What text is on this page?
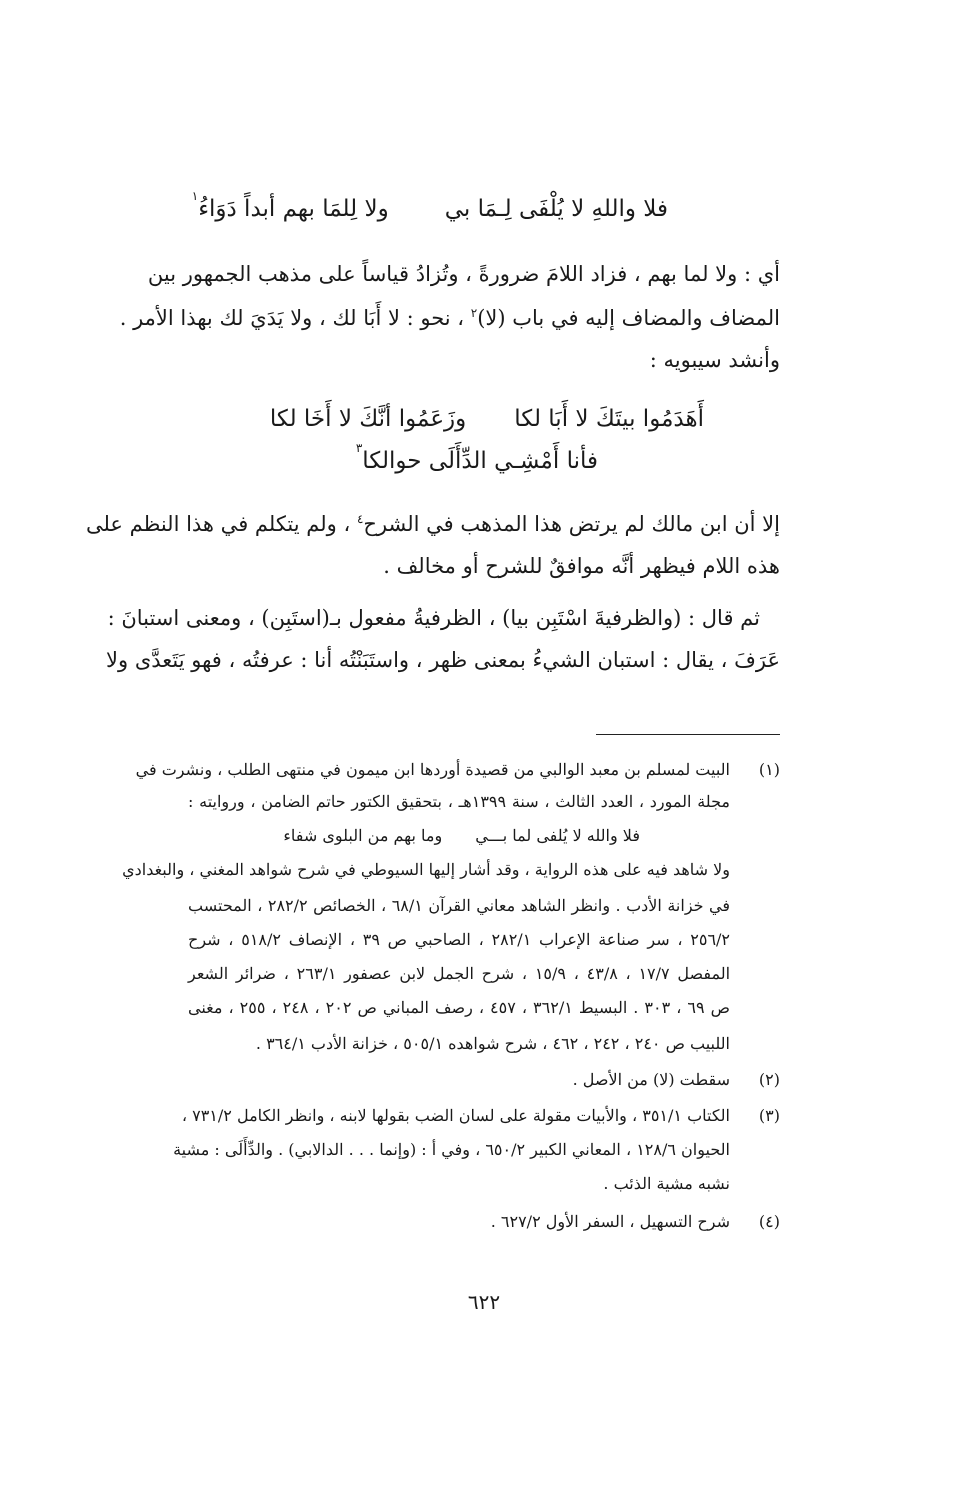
فلا واللهِ لا يُلْفَى لِـمَا بي
ولا لِلمَا بهم أبداً دَوَاءُ
١
أي : ولا لما بهم ، فزاد اللامَ ضرورةً ، وتُزادُ قياساً على مذهب الجمهور بين
المضاف والمضاف إليه في باب (لا)$^٢$ ، نحو : لا أَبَا لك ، ولا يَدَيَ لك بهذا الأمر .
وأنشد سيبويه :
أَهَدَمُوا بيتَكَ لا أَبَا لكا
وزَعَمُوا أنَّكَ لا أَخَا لكا
فأنا أَمْشِـي الدِّأَلَى حوالكا
٣
إلا أن ابن مالك لم يرتض هذا المذهب في الشرح$^٤$ ، ولم يتكلم في هذا النظم على
هذه اللام فيظهر أنَّه موافقٌ للشرح أو مخالف .
ثم قال : (والظرفيةَ اسْتَبِن بيا) ، الظرفيةُ مفعول بـ(استَبِن) ، ومعنى استبانَ :
عَرَفَ ، يقال : استبان الشيءُ بمعنى ظهر ، واستَبَنْتُه أنا : عرفتُه ، فهو يَتَعدَّى ولا
(١)
البيت لمسلم بن معبد الوالبي من قصيدة أوردها ابن ميمون في منتهى الطلب ، ونشرت في
مجلة المورد ، العدد الثالث ، سنة ١٣٩٩هـ ، بتحقيق الكتور حاتم الضامن ، وروايته :
فلا والله لا يُلفى لما بـــي وما بهم من البلوى شفاء
ولا شاهد فيه على هذه الرواية ، وقد أشار إليها السيوطي في شرح شواهد المغني ، والبغدادي
في خزانة الأدب . وانظر الشاهد معاني القرآن ٦٨/١ ، الخصائص ٢٨٢/٢ ، المحتسب
٢٥٦/٢ ، سر صناعة الإعراب ٢٨٢/١ ، الصاحبي ص ٣٩ ، الإنصاف ٥١٨/٢ ، شرح
المفصل ١٧/٧ ، ٤٣/٨ ، ١٥/٩ ، شرح الجمل لابن عصفور ٢٦٣/١ ، ضرائر الشعر
ص ٦٩ ، ٣٠٣ . البسيط ٣٦٢/١ ، ٤٥٧ ، رصف المباني ص ٢٠٢ ، ٢٤٨ ، ٢٥٥ ، مغنى
اللبيب ص ٢٤٠ ، ٢٤٢ ، ٤٦٢ ، شرح شواهده ٥٠٥/١ ، خزانة الأدب ٣٦٤/١ .
(٢)
سقطت (لا) من الأصل .
(٣)
الكتاب ٣٥١/١ ، والأبيات مقولة على لسان الضب بقولها لابنه ، وانظر الكامل ٧٣١/٢ ،
الحيوان ١٢٨/٦ ، المعاني الكبير ٦٥٠/٢ ، وفي أ : (وإنما . . . الدالابي) . والدِّأَلَى : مشية
نشبه مشية الذئب .
(٤)
شرح التسهيل ، السفر الأول ٦٢٧/٢ .
٦٢٢
